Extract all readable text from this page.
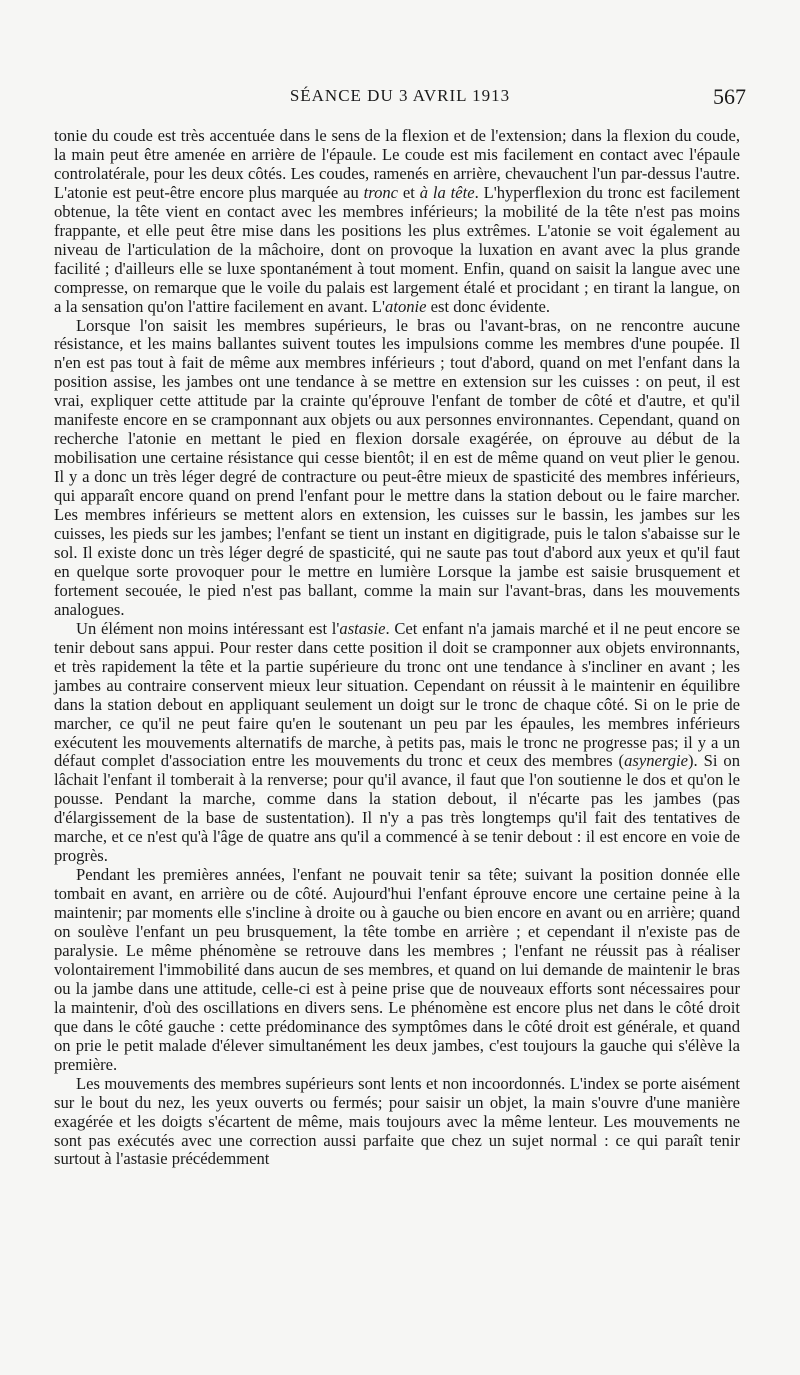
SÉANCE DU 3 AVRIL 1913	567

tonie du coude est très accentuée dans le sens de la flexion et de l'extension; dans la flexion du coude, la main peut être amenée en arrière de l'épaule. Le coude est mis facilement en contact avec l'épaule controlatérale, pour les deux côtés. Les coudes, ramenés en arrière, chevauchent l'un par-dessus l'autre. L'atonie est peut-être encore plus marquée au tronc et à la tête. L'hyperflexion du tronc est facilement obtenue, la tête vient en contact avec les membres inférieurs; la mobilité de la tête n'est pas moins frappante, et elle peut être mise dans les positions les plus extrêmes. L'atonie se voit également au niveau de l'articulation de la mâchoire, dont on provoque la luxation en avant avec la plus grande facilité ; d'ailleurs elle se luxe spontanément à tout moment. Enfin, quand on saisit la langue avec une compresse, on remarque que le voile du palais est largement étalé et procidant ; en tirant la langue, on a la sensation qu'on l'attire facilement en avant. L'atonie est donc évidente.

Lorsque l'on saisit les membres supérieurs, le bras ou l'avant-bras, on ne rencontre aucune résistance, et les mains ballantes suivent toutes les impulsions comme les membres d'une poupée. Il n'en est pas tout à fait de même aux membres inférieurs ; tout d'abord, quand on met l'enfant dans la position assise, les jambes ont une tendance à se mettre en extension sur les cuisses : on peut, il est vrai, expliquer cette attitude par la crainte qu'éprouve l'enfant de tomber de côté et d'autre, et qu'il manifeste encore en se cramponnant aux objets ou aux personnes environnantes. Cependant, quand on recherche l'atonie en mettant le pied en flexion dorsale exagérée, on éprouve au début de la mobilisation une certaine résistance qui cesse bientôt; il en est de même quand on veut plier le genou. Il y a donc un très léger degré de contracture ou peut-être mieux de spasticité des membres inférieurs, qui apparaît encore quand on prend l'enfant pour le mettre dans la station debout ou le faire marcher. Les membres inférieurs se mettent alors en extension, les cuisses sur le bassin, les jambes sur les cuisses, les pieds sur les jambes; l'enfant se tient un instant en digitigrade, puis le talon s'abaisse sur le sol. Il existe donc un très léger degré de spasticité, qui ne saute pas tout d'abord aux yeux et qu'il faut en quelque sorte provoquer pour le mettre en lumière Lorsque la jambe est saisie brusquement et fortement secouée, le pied n'est pas ballant, comme la main sur l'avant-bras, dans les mouvements analogues.

Un élément non moins intéressant est l'astasie. Cet enfant n'a jamais marché et il ne peut encore se tenir debout sans appui. Pour rester dans cette position il doit se cramponner aux objets environnants, et très rapidement la tête et la partie supérieure du tronc ont une tendance à s'incliner en avant ; les jambes au contraire conservent mieux leur situation. Cependant on réussit à le maintenir en équilibre dans la station debout en appliquant seulement un doigt sur le tronc de chaque côté. Si on le prie de marcher, ce qu'il ne peut faire qu'en le soutenant un peu par les épaules, les membres inférieurs exécutent les mouvements alternatifs de marche, à petits pas, mais le tronc ne progresse pas; il y a un défaut complet d'association entre les mouvements du tronc et ceux des membres (asynergie). Si on lâchait l'enfant il tomberait à la renverse; pour qu'il avance, il faut que l'on soutienne le dos et qu'on le pousse. Pendant la marche, comme dans la station debout, il n'écarte pas les jambes (pas d'élargissement de la base de sustentation). Il n'y a pas très longtemps qu'il fait des tentatives de marche, et ce n'est qu'à l'âge de quatre ans qu'il a commencé à se tenir debout : il est encore en voie de progrès.

Pendant les premières années, l'enfant ne pouvait tenir sa tête; suivant la position donnée elle tombait en avant, en arrière ou de côté. Aujourd'hui l'enfant éprouve encore une certaine peine à la maintenir; par moments elle s'incline à droite ou à gauche ou bien encore en avant ou en arrière; quand on soulève l'enfant un peu brusquement, la tête tombe en arrière ; et cependant il n'existe pas de paralysie. Le même phénomène se retrouve dans les membres ; l'enfant ne réussit pas à réaliser volontairement l'immobilité dans aucun de ses membres, et quand on lui demande de maintenir le bras ou la jambe dans une attitude, celle-ci est à peine prise que de nouveaux efforts sont nécessaires pour la maintenir, d'où des oscillations en divers sens. Le phénomène est encore plus net dans le côté droit que dans le côté gauche : cette prédominance des symptômes dans le côté droit est générale, et quand on prie le petit malade d'élever simultanément les deux jambes, c'est toujours la gauche qui s'élève la première.

Les mouvements des membres supérieurs sont lents et non incoordonnés. L'index se porte aisément sur le bout du nez, les yeux ouverts ou fermés; pour saisir un objet, la main s'ouvre d'une manière exagérée et les doigts s'écartent de même, mais toujours avec la même lenteur. Les mouvements ne sont pas exécutés avec une correction aussi parfaite que chez un sujet normal : ce qui paraît tenir surtout à l'astasie précédemment
